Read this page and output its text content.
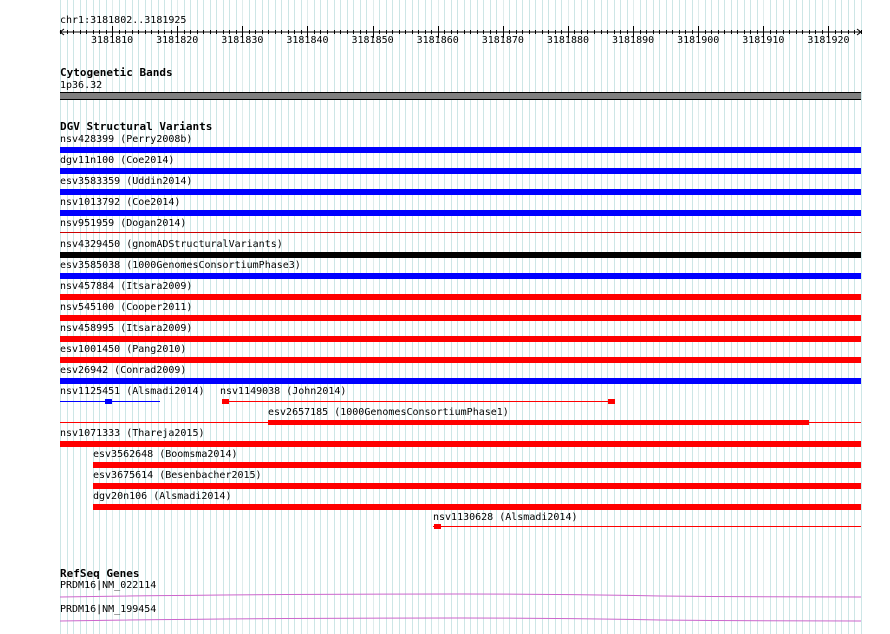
chr1:3181802..3181925
3181810 3181820 3181830 3181840 3181850 3181860 3181870 3181880 3181890 3181900 3181910 3181920
Cytogenetic Bands
1p36.32
DGV Structural Variants
nsv428399 (Perry2008b)
dgv11n100 (Coe2014)
esv3583359 (Uddin2014)
nsv1013792 (Coe2014)
nsv951959 (Dogan2014)
nsv4329450 (gnomADStructuralVariants)
esv3585038 (1000GenomesConsortiumPhase3)
nsv457884 (Itsara2009)
nsv545100 (Cooper2011)
nsv458995 (Itsara2009)
esv1001450 (Pang2010)
esv26942 (Conrad2009)
esv2657185 (1000GenomesConsortiumPhase1)
nsv1071333 (Thareja2015)
esv3562648 (Boomsma2014)
esv3675614 (Besenbacher2015)
dgv20n106 (Alsmadi2014)
nsv1125451 (Alsmadi2014) nsv1149038 (John2014)
nsv1130628 (Alsmadi2014)
RefSeq Genes
PRDM16|NM_022114
PRDM16|NM_199454
